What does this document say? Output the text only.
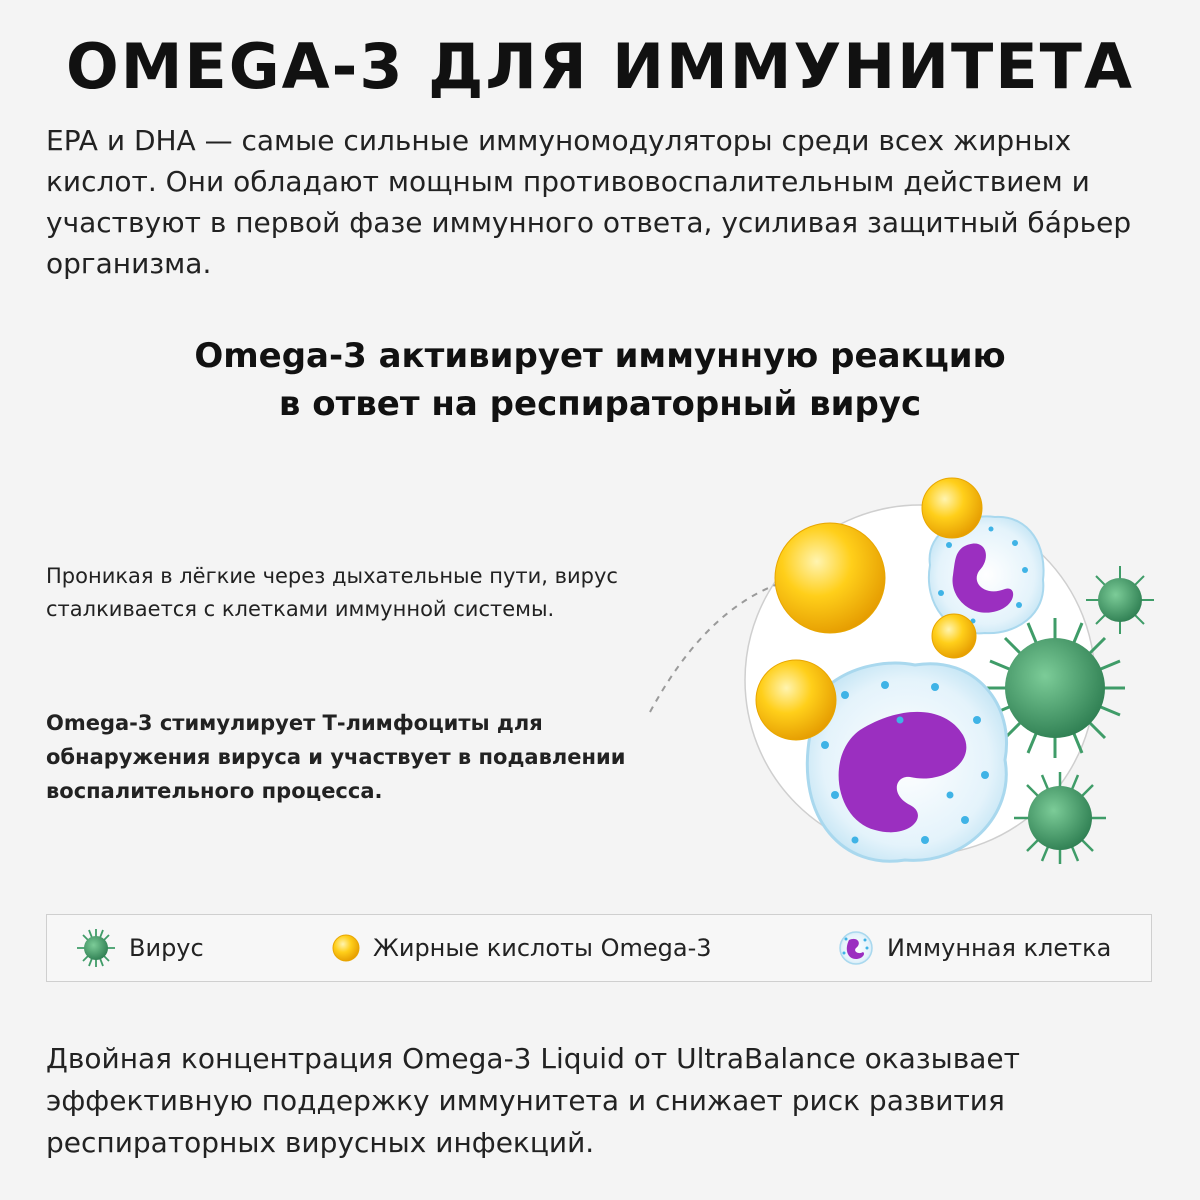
OMEGA-3 ДЛЯ ИММУНИТЕТА

EPA и DHA — самые сильные иммуномодуляторы среди всех жирных кислот. Они обладают мощным противовоспалительным действием и участвуют в первой фазе иммунного ответа, усиливая защитный бáрьер организма.

Omega-3 активирует иммунную реакцию
в ответ на респираторный вирус

Проникая в лёгкие через дыхательные пути, вирус сталкивается с клетками иммунной системы.

Omega-3 стимулирует Т-лимфоциты для обнаружения вируса и участвует в подавлении воспалительного процесса.

Вирус	Жирные кислоты Omega-3	Иммунная клетка

Двойная концентрация Omega-3 Liquid от UltraBalance оказывает эффективную поддержку иммунитета и снижает риск развития респираторных вирусных инфекций.
